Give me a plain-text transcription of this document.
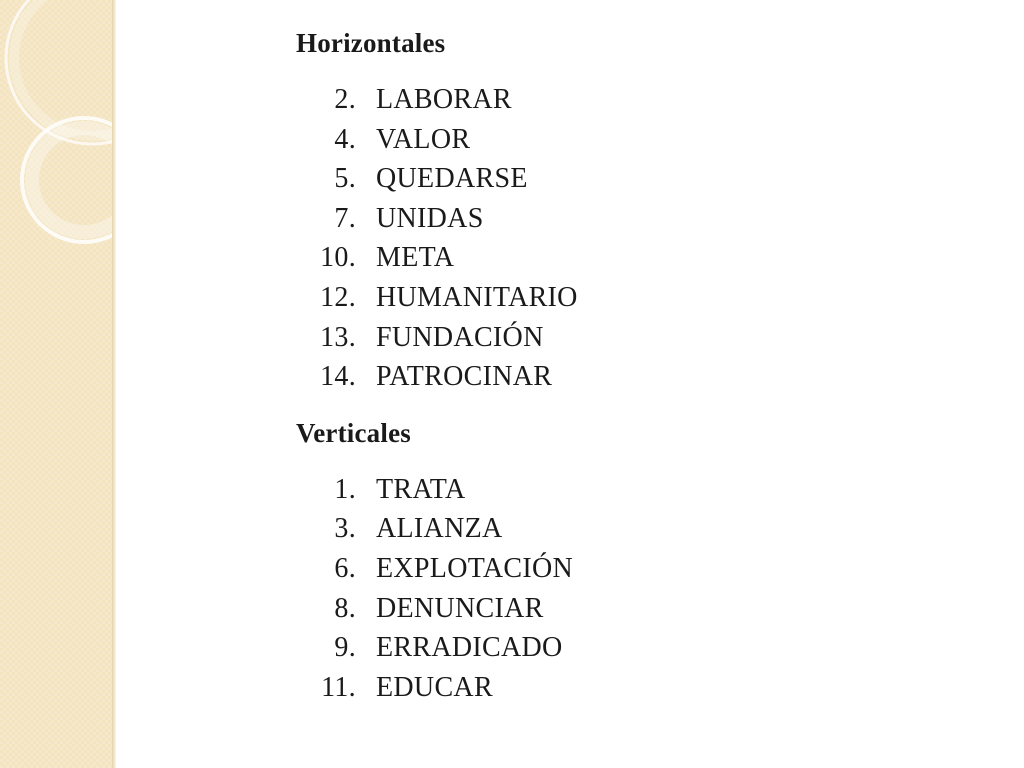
Horizontales
2. LABORAR
4. VALOR
5. QUEDARSE
7. UNIDAS
10. META
12. HUMANITARIO
13. FUNDACIÓN
14. PATROCINAR
Verticales
1. TRATA
3. ALIANZA
6. EXPLOTACIÓN
8. DENUNCIAR
9. ERRADICADO
11. EDUCAR
